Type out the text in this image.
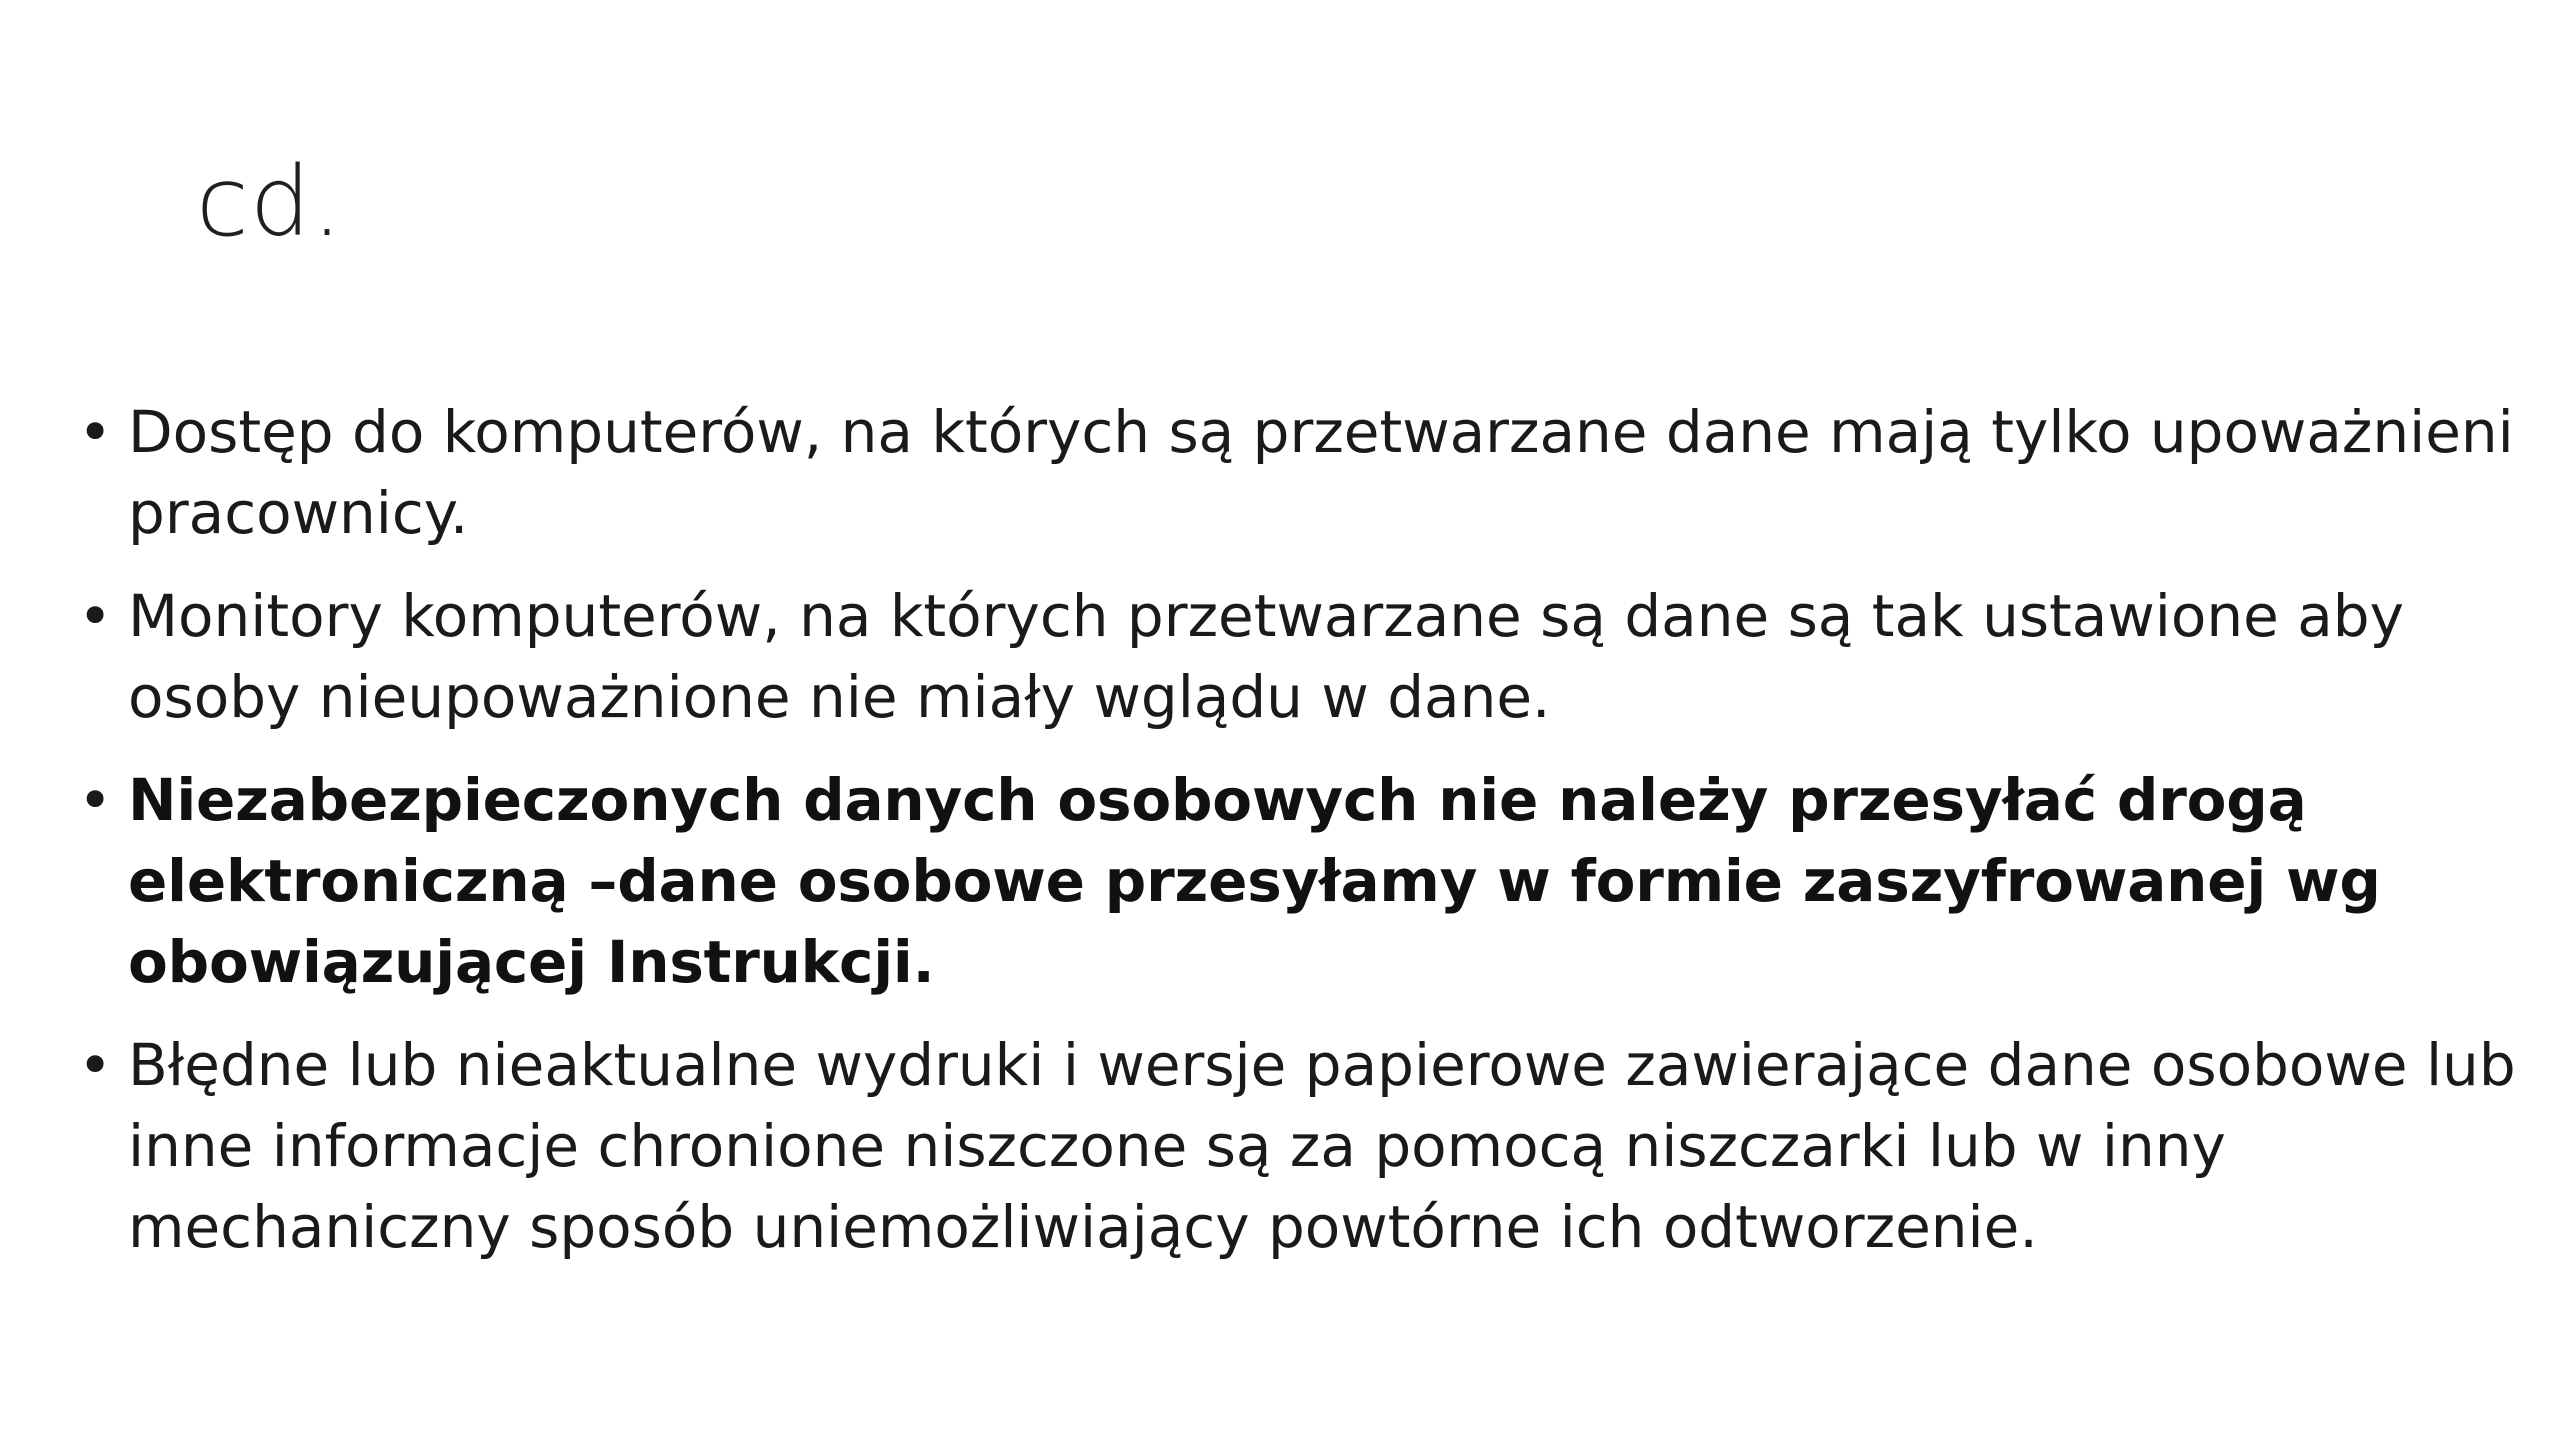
cd.
• Dostęp do komputerów, na których są przetwarzane dane mają tylko upoważnieni pracownicy.
• Monitory komputerów, na których przetwarzane są dane są tak ustawione aby osoby nieupoważnione nie miały wglądu w dane.
• Niezabezpieczonych danych osobowych nie należy przesyłać drogą elektroniczną –dane osobowe przesyłamy w formie zaszyfrowanej wg obowiązującej Instrukcji.
• Błędne lub nieaktualne wydruki i wersje papierowe zawierające dane osobowe lub inne informacje chronione niszczone są za pomocą niszczarki lub w inny mechaniczny sposób uniemożliwiający powtórne ich odtworzenie.
